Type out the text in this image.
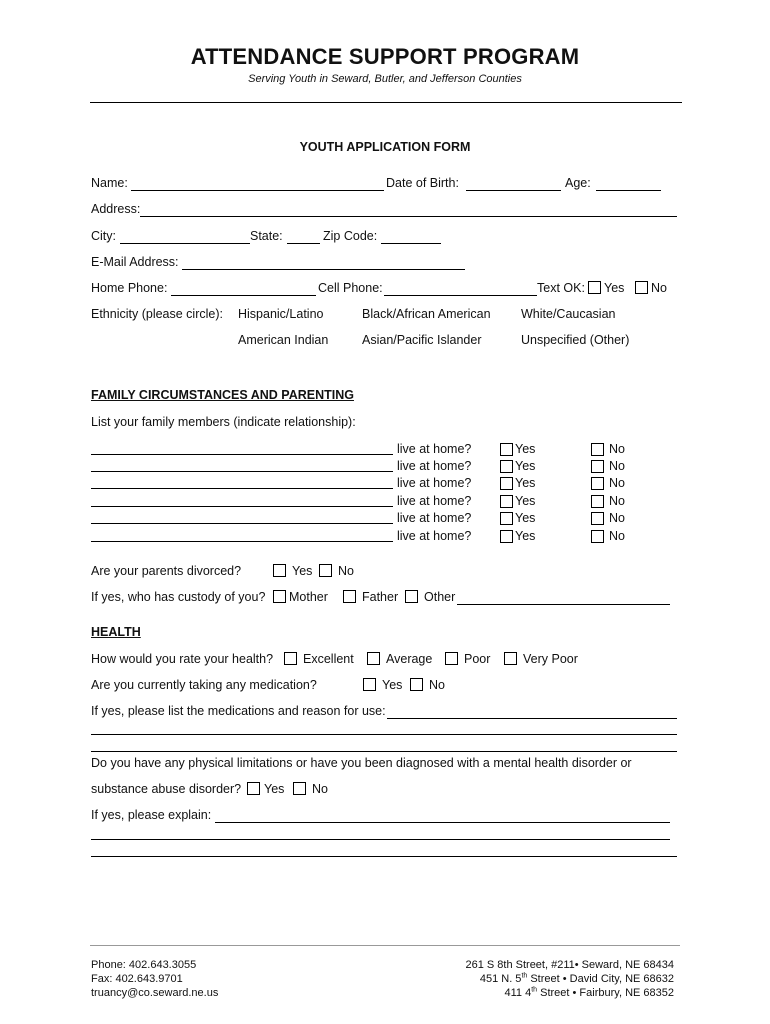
ATTENDANCE SUPPORT PROGRAM
Serving Youth in Seward, Butler, and Jefferson Counties
YOUTH APPLICATION FORM
Name:	Date of Birth:	Age:
Address:
City:	State:	Zip Code:
E-Mail Address:
Home Phone:	Cell Phone:	Text OK: Yes No
Ethnicity (please circle): Hispanic/Latino	Black/African American White/Caucasian
American Indian	Asian/Pacific Islander	Unspecified (Other)
FAMILY CIRCUMSTANCES AND PARENTING
List your family members (indicate relationship):
live at home?	Yes	No
live at home?	Yes	No
live at home?	Yes	No
live at home?	Yes	No
live at home?	Yes	No
live at home?	Yes	No
Are your parents divorced?	Yes No
If yes, who has custody of you? Mother	Father Other
HEALTH
How would you rate your health? Excellent	Average	Poor	Very Poor
Are you currently taking any medication?	Yes No
If yes, please list the medications and reason for use:
Do you have any physical limitations or have you been diagnosed with a mental health disorder or
substance abuse disorder? Yes No
If yes, please explain:
Phone: 402.643.3055
Fax: 402.643.9701
truancy@co.seward.ne.us
261 S 8th Street, #211• Seward, NE 68434
451 N. 5th Street • David City, NE 68632
411 4th Street • Fairbury, NE 68352
